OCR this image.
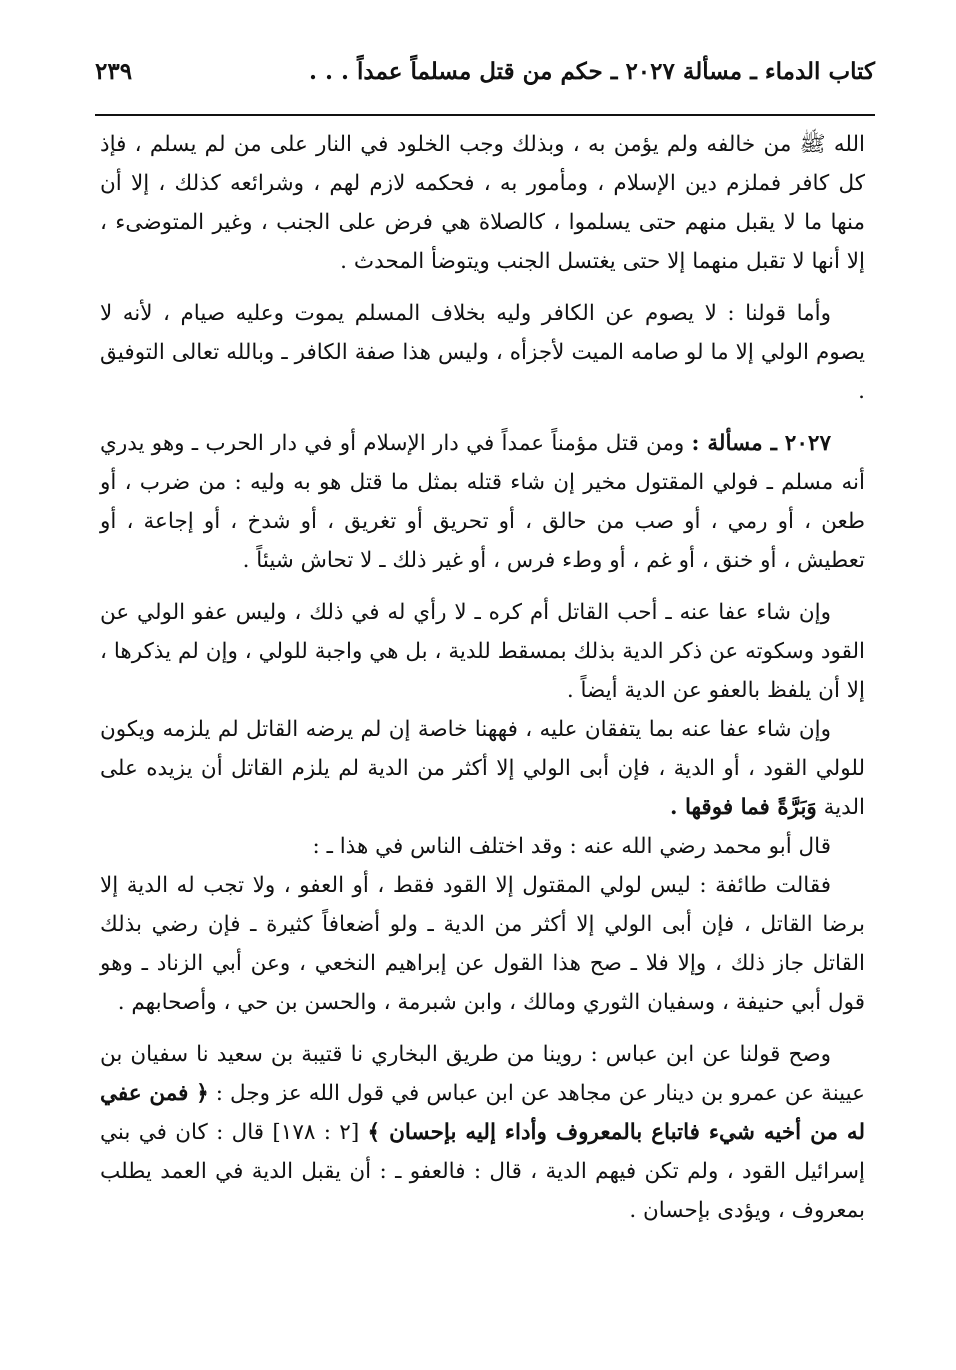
كتاب الدماء ـ مسألة ٢٠٢٧ ـ حكم من قتل مسلماً عمداً . . .
٢٣٩

الله ﷺ من خالفه ولم يؤمن به ، وبذلك وجب الخلود في النار على من لم يسلم ، فإذ كل كافر فملزم دين الإسلام ، ومأمور به ، فحكمه لازم لهم ، وشرائعه كذلك ، إلا أن منها ما لا يقبل منهم حتى يسلموا ، كالصلاة هي فرض على الجنب ، وغير المتوضىء ، إلا أنها لا تقبل منهما إلا حتى يغتسل الجنب ويتوضأ المحدث .

وأما قولنا : لا يصوم عن الكافر وليه بخلاف المسلم يموت وعليه صيام ، لأنه لا يصوم الولي إلا ما لو صامه الميت لأجزأه ، وليس هذا صفة الكافر ـ وبالله تعالى التوفيق .

٢٠٢٧ ـ مسألة : ومن قتل مؤمناً عمداً في دار الإسلام أو في دار الحرب ـ وهو يدري أنه مسلم ـ فولي المقتول مخير إن شاء قتله بمثل ما قتل هو به وليه : من ضرب ، أو طعن ، أو رمي ، أو صب من حالق ، أو تحريق أو تغريق ، أو شدخ ، أو إجاعة ، أو تعطيش ، أو خنق ، أو غم ، أو وطء فرس ، أو غير ذلك ـ لا تحاش شيئاً .

وإن شاء عفا عنه ـ أحب القاتل أم كره ـ لا رأي له في ذلك ، وليس عفو الولي عن القود وسكوته عن ذكر الدية بذلك بمسقط للدية ، بل هي واجبة للولي ، وإن لم يذكرها ، إلا أن يلفظ بالعفو عن الدية أيضاً .

وإن شاء عفا عنه بما يتفقان عليه ، فههنا خاصة إن لم يرضه القاتل لم يلزمه ويكون للولي القود ، أو الدية ، فإن أبى الولي إلا أكثر من الدية لم يلزم القاتل أن يزيده على الدية وَبَرَّةً فما فوقها .

قال أبو محمد رضي الله عنه : وقد اختلف الناس في هذا ـ :

فقالت طائفة : ليس لولي المقتول إلا القود فقط ، أو العفو ، ولا تجب له الدية إلا برضا القاتل ، فإن أبى الولي إلا أكثر من الدية ـ ولو أضعافاً كثيرة ـ فإن رضي بذلك القاتل جاز ذلك ، وإلا فلا ـ صح هذا القول عن إبراهيم النخعي ، وعن أبي الزناد ـ وهو قول أبي حنيفة ، وسفيان الثوري ومالك ، وابن شبرمة ، والحسن بن حي ، وأصحابهم .

وصح قولنا عن ابن عباس : روينا من طريق البخاري نا قتيبة بن سعيد نا سفيان بن عيينة عن عمرو بن دينار عن مجاهد عن ابن عباس في قول الله عز وجل : ﴿ فمن عفي له من أخيه شيء فاتباع بالمعروف وأداء إليه بإحسان ﴾ [٢ : ١٧٨] قال : كان في بني إسرائيل القود ، ولم تكن فيهم الدية ، قال : فالعفو ـ : أن يقبل الدية في العمد يطلب بمعروف ، ويؤدى بإحسان .
